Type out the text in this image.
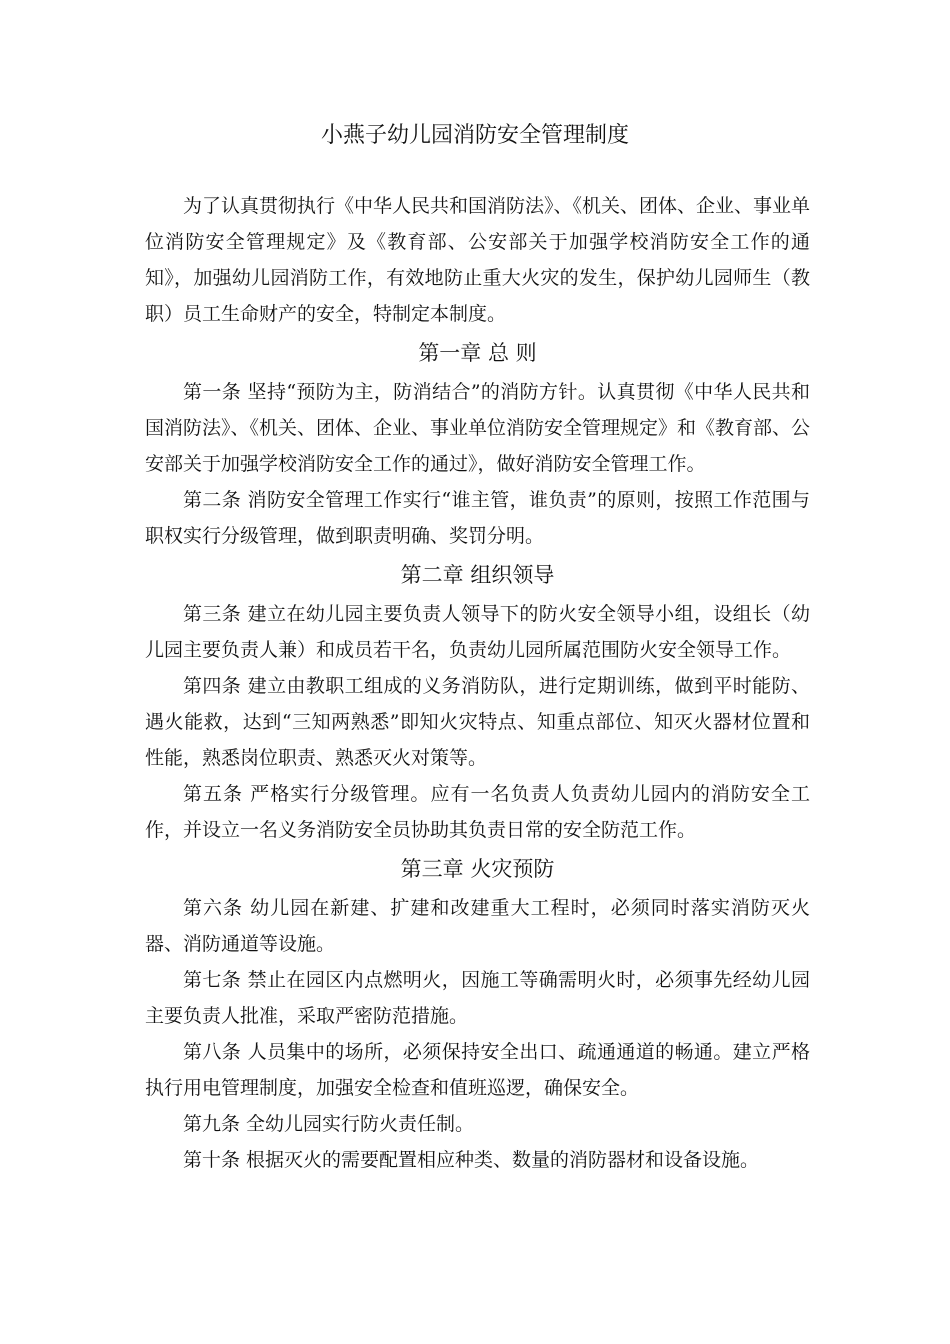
小燕子幼儿园消防安全管理制度

为了认真贯彻执行《中华人民共和国消防法》、《机关、团体、企业、事业单位消防安全管理规定》及《教育部、公安部关于加强学校消防安全工作的通知》，加强幼儿园消防工作，有效地防止重大火灾的发生，保护幼儿园师生（教职）员工生命财产的安全，特制定本制度。

第一章 总 则

第一条 坚持“预防为主，防消结合”的消防方针。认真贯彻《中华人民共和国消防法》、《机关、团体、企业、事业单位消防安全管理规定》和《教育部、公安部关于加强学校消防安全工作的通过》，做好消防安全管理工作。

第二条 消防安全管理工作实行“谁主管，谁负责”的原则，按照工作范围与职权实行分级管理，做到职责明确、奖罚分明。

第二章 组织领导

第三条 建立在幼儿园主要负责人领导下的防火安全领导小组，设组长（幼儿园主要负责人兼）和成员若干名，负责幼儿园所属范围防火安全领导工作。

第四条 建立由教职工组成的义务消防队，进行定期训练，做到平时能防、遇火能救，达到“三知两熟悉”即知火灾特点、知重点部位、知灭火器材位置和性能，熟悉岗位职责、熟悉灭火对策等。

第五条 严格实行分级管理。应有一名负责人负责幼儿园内的消防安全工作，并设立一名义务消防安全员协助其负责日常的安全防范工作。

第三章 火灾预防

第六条 幼儿园在新建、扩建和改建重大工程时，必须同时落实消防灭火器、消防通道等设施。

第七条 禁止在园区内点燃明火，因施工等确需明火时，必须事先经幼儿园主要负责人批准，采取严密防范措施。

第八条 人员集中的场所，必须保持安全出口、疏通通道的畅通。建立严格执行用电管理制度，加强安全检查和值班巡逻，确保安全。

第九条 全幼儿园实行防火责任制。

第十条 根据灭火的需要配置相应种类、数量的消防器材和设备设施。
